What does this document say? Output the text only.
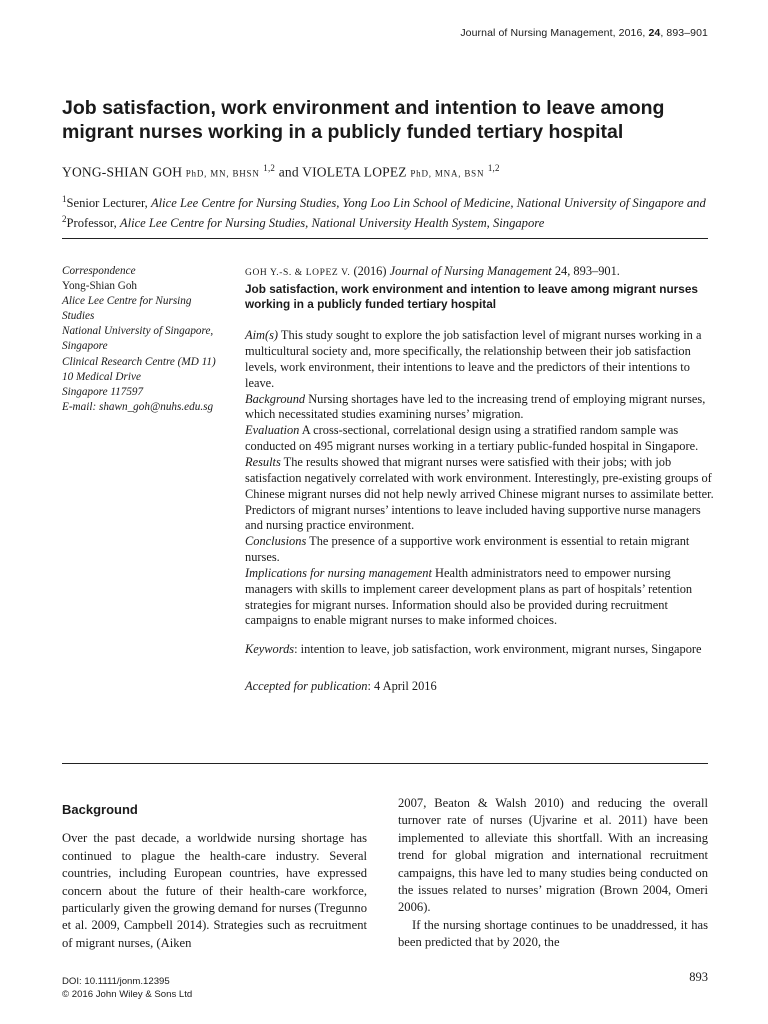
Journal of Nursing Management, 2016, 24, 893–901
Job satisfaction, work environment and intention to leave among migrant nurses working in a publicly funded tertiary hospital
YONG-SHIAN GOH PhD, MN, BHSN $^{1,2}$ and VIOLETA LOPEZ PhD, MNA, BSN $^{1,2}$
$^1$Senior Lecturer, Alice Lee Centre for Nursing Studies, Yong Loo Lin School of Medicine, National University of Singapore and $^2$Professor, Alice Lee Centre for Nursing Studies, National University Health System, Singapore
Correspondence
Yong-Shian Goh
Alice Lee Centre for Nursing
Studies
National University of Singapore,
Singapore
Clinical Research Centre (MD 11)
10 Medical Drive
Singapore 117597
E-mail: shawn_goh@nuhs.edu.sg

GOH Y.-S. & LOPEZ V. (2016) Journal of Nursing Management 24, 893–901.

Job satisfaction, work environment and intention to leave among migrant nurses working in a publicly funded tertiary hospital

Aim(s) This study sought to explore the job satisfaction level of migrant nurses working in a multicultural society and, more specifically, the relationship between their job satisfaction levels, work environment, their intentions to leave and the predictors of their intentions to leave.

Background Nursing shortages have led to the increasing trend of employing migrant nurses, which necessitated studies examining nurses’ migration.

Evaluation A cross-sectional, correlational design using a stratified random sample was conducted on 495 migrant nurses working in a tertiary public-funded hospital in Singapore.

Results The results showed that migrant nurses were satisfied with their jobs; with job satisfaction negatively correlated with work environment. Interestingly, pre-existing groups of Chinese migrant nurses did not help newly arrived Chinese migrant nurses to assimilate better. Predictors of migrant nurses’ intentions to leave included having supportive nurse managers and nursing practice environment.

Conclusions The presence of a supportive work environment is essential to retain migrant nurses.

Implications for nursing management Health administrators need to empower nursing managers with skills to implement career development plans as part of hospitals’ retention strategies for migrant nurses. Information should also be provided during recruitment campaigns to enable migrant nurses to make informed choices.

Keywords: intention to leave, job satisfaction, work environment, migrant nurses, Singapore

Accepted for publication: 4 April 2016

Background

Over the past decade, a worldwide nursing shortage has continued to plague the health-care industry. Several countries, including European countries, have expressed concern about the future of their health-care workforce, particularly given the growing demand for nurses (Tregunno et al. 2009, Campbell 2014). Strategies such as recruitment of migrant nurses, (Aiken

2007, Beaton & Walsh 2010) and reducing the overall turnover rate of nurses (Ujvarine et al. 2011) have been implemented to alleviate this shortfall. With an increasing trend for global migration and international recruitment campaigns, this have led to many studies being conducted on the issues related to nurses’ migration (Brown 2004, Omeri 2006).

If the nursing shortage continues to be unaddressed, it has been predicted that by 2020, the

DOI: 10.1111/jonm.12395
© 2016 John Wiley & Sons Ltd
893
